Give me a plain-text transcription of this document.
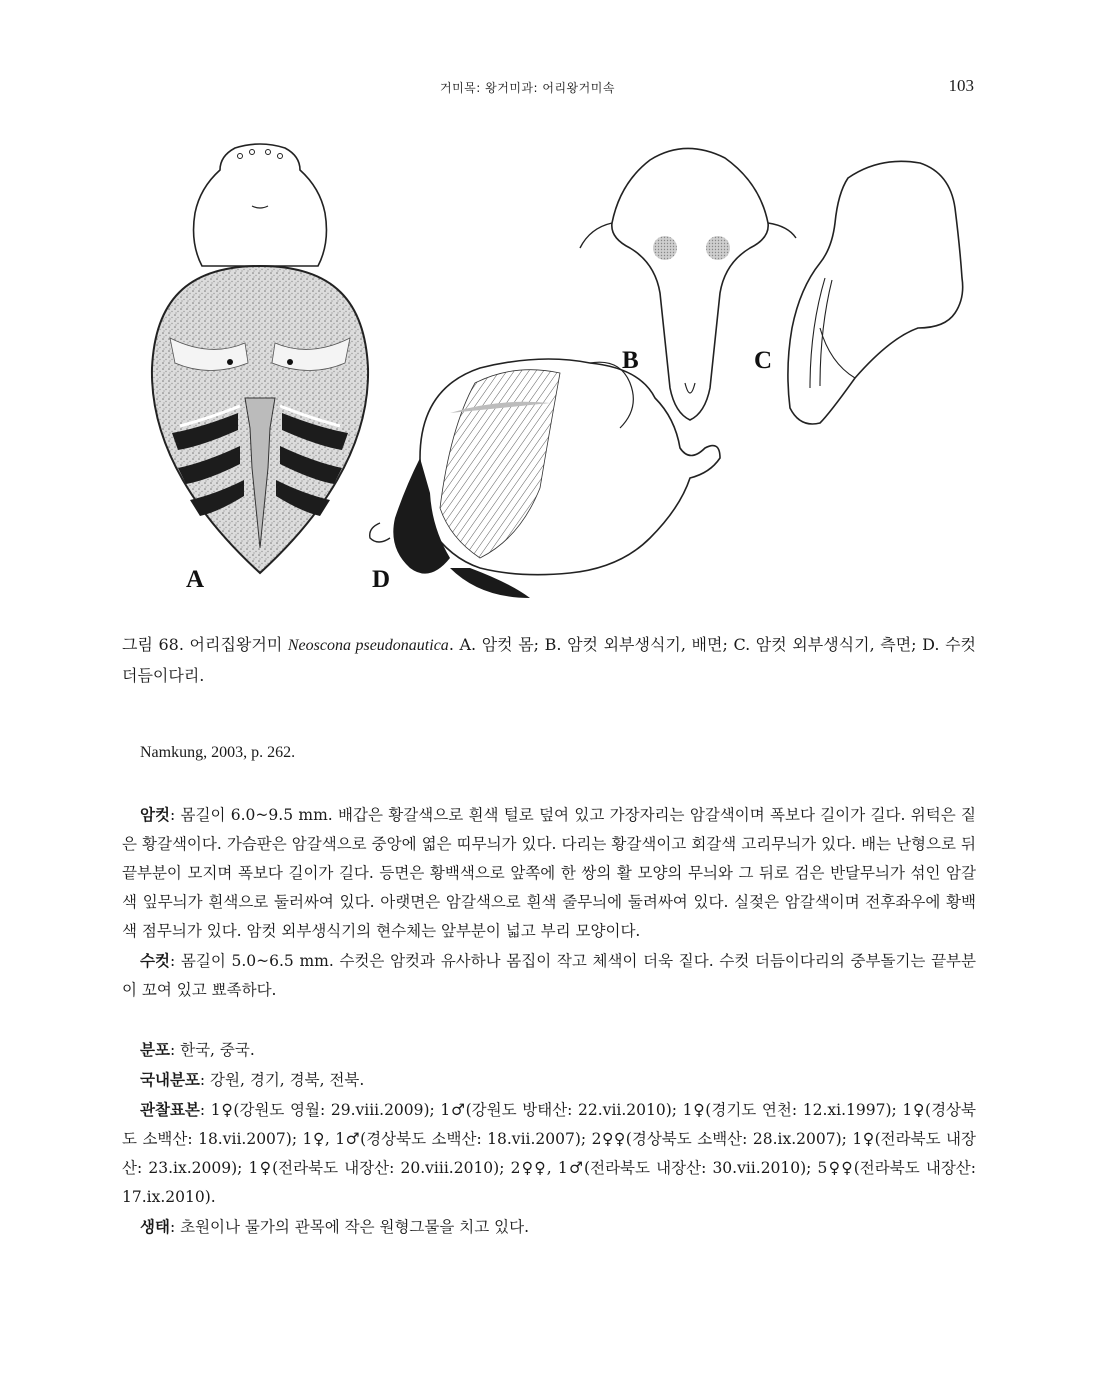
거미목: 왕거미과: 어리왕거미속	103
A	D
B	C
그림 68. 어리집왕거미 Neoscona pseudonautica. A. 암컷 몸; B. 암컷 외부생식기, 배면; C. 암컷 외부생식기, 측면; D. 수컷 더듬이다리.
Namkung, 2003, p. 262.

암컷: 몸길이 6.0~9.5 mm. 배갑은 황갈색으로 흰색 털로 덮여 있고 가장자리는 암갈색이며 폭보다 길이가 길다. 위턱은 짙은 황갈색이다. 가슴판은 암갈색으로 중앙에 엷은 띠무늬가 있다. 다리는 황갈색이고 회갈색 고리무늬가 있다. 배는 난형으로 뒤 끝부분이 모지며 폭보다 길이가 길다. 등면은 황백색으로 앞쪽에 한 쌍의 활 모양의 무늬와 그 뒤로 검은 반달무늬가 섞인 암갈색 잎무늬가 흰색으로 둘러싸여 있다. 아랫면은 암갈색으로 흰색 줄무늬에 둘려싸여 있다. 실젖은 암갈색이며 전후좌우에 황백색 점무늬가 있다. 암컷 외부생식기의 현수체는 앞부분이 넓고 부리 모양이다.

수컷: 몸길이 5.0~6.5 mm. 수컷은 암컷과 유사하나 몸집이 작고 체색이 더욱 짙다. 수컷 더듬이다리의 중부돌기는 끝부분이 꼬여 있고 뾰족하다.

분포: 한국, 중국.

국내분포: 강원, 경기, 경북, 전북.

관찰표본: 1♀(강원도 영월: 29.viii.2009); 1♂(강원도 방태산: 22.vii.2010); 1♀(경기도 연천: 12.xi.1997); 1♀(경상북도 소백산: 18.vii.2007); 1♀, 1♂(경상북도 소백산: 18.vii.2007); 2♀♀(경상북도 소백산: 28.ix.2007); 1♀(전라북도 내장산: 23.ix.2009); 1♀(전라북도 내장산: 20.viii.2010); 2♀♀, 1♂(전라북도 내장산: 30.vii.2010); 5♀♀(전라북도 내장산: 17.ix.2010).

생태: 초원이나 물가의 관목에 작은 원형그물을 치고 있다.
